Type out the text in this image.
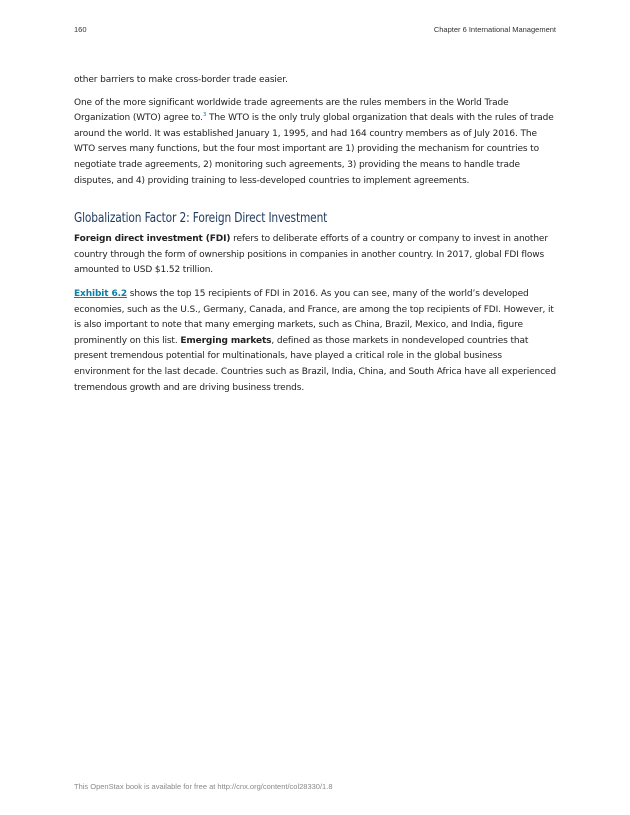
160	Chapter 6 International Management

other barriers to make cross-border trade easier.

One of the more significant worldwide trade agreements are the rules members in the World Trade Organization (WTO) agree to.$^3$ The WTO is the only truly global organization that deals with the rules of trade around the world. It was established January 1, 1995, and had 164 country members as of July 2016. The WTO serves many functions, but the four most important are 1) providing the mechanism for countries to negotiate trade agreements, 2) monitoring such agreements, 3) providing the means to handle trade disputes, and 4) providing training to less-developed countries to implement agreements.

Globalization Factor 2: Foreign Direct Investment

Foreign direct investment (FDI) refers to deliberate efforts of a country or company to invest in another country through the form of ownership positions in companies in another country. In 2017, global FDI flows amounted to USD $1.52 trillion.

Exhibit 6.2 shows the top 15 recipients of FDI in 2016. As you can see, many of the world’s developed economies, such as the U.S., Germany, Canada, and France, are among the top recipients of FDI. However, it is also important to note that many emerging markets, such as China, Brazil, Mexico, and India, figure prominently on this list. Emerging markets, defined as those markets in nondeveloped countries that present tremendous potential for multinationals, have played a critical role in the global business environment for the last decade. Countries such as Brazil, India, China, and South Africa have all experienced tremendous growth and are driving business trends.

This OpenStax book is available for free at http://cnx.org/content/col28330/1.8
